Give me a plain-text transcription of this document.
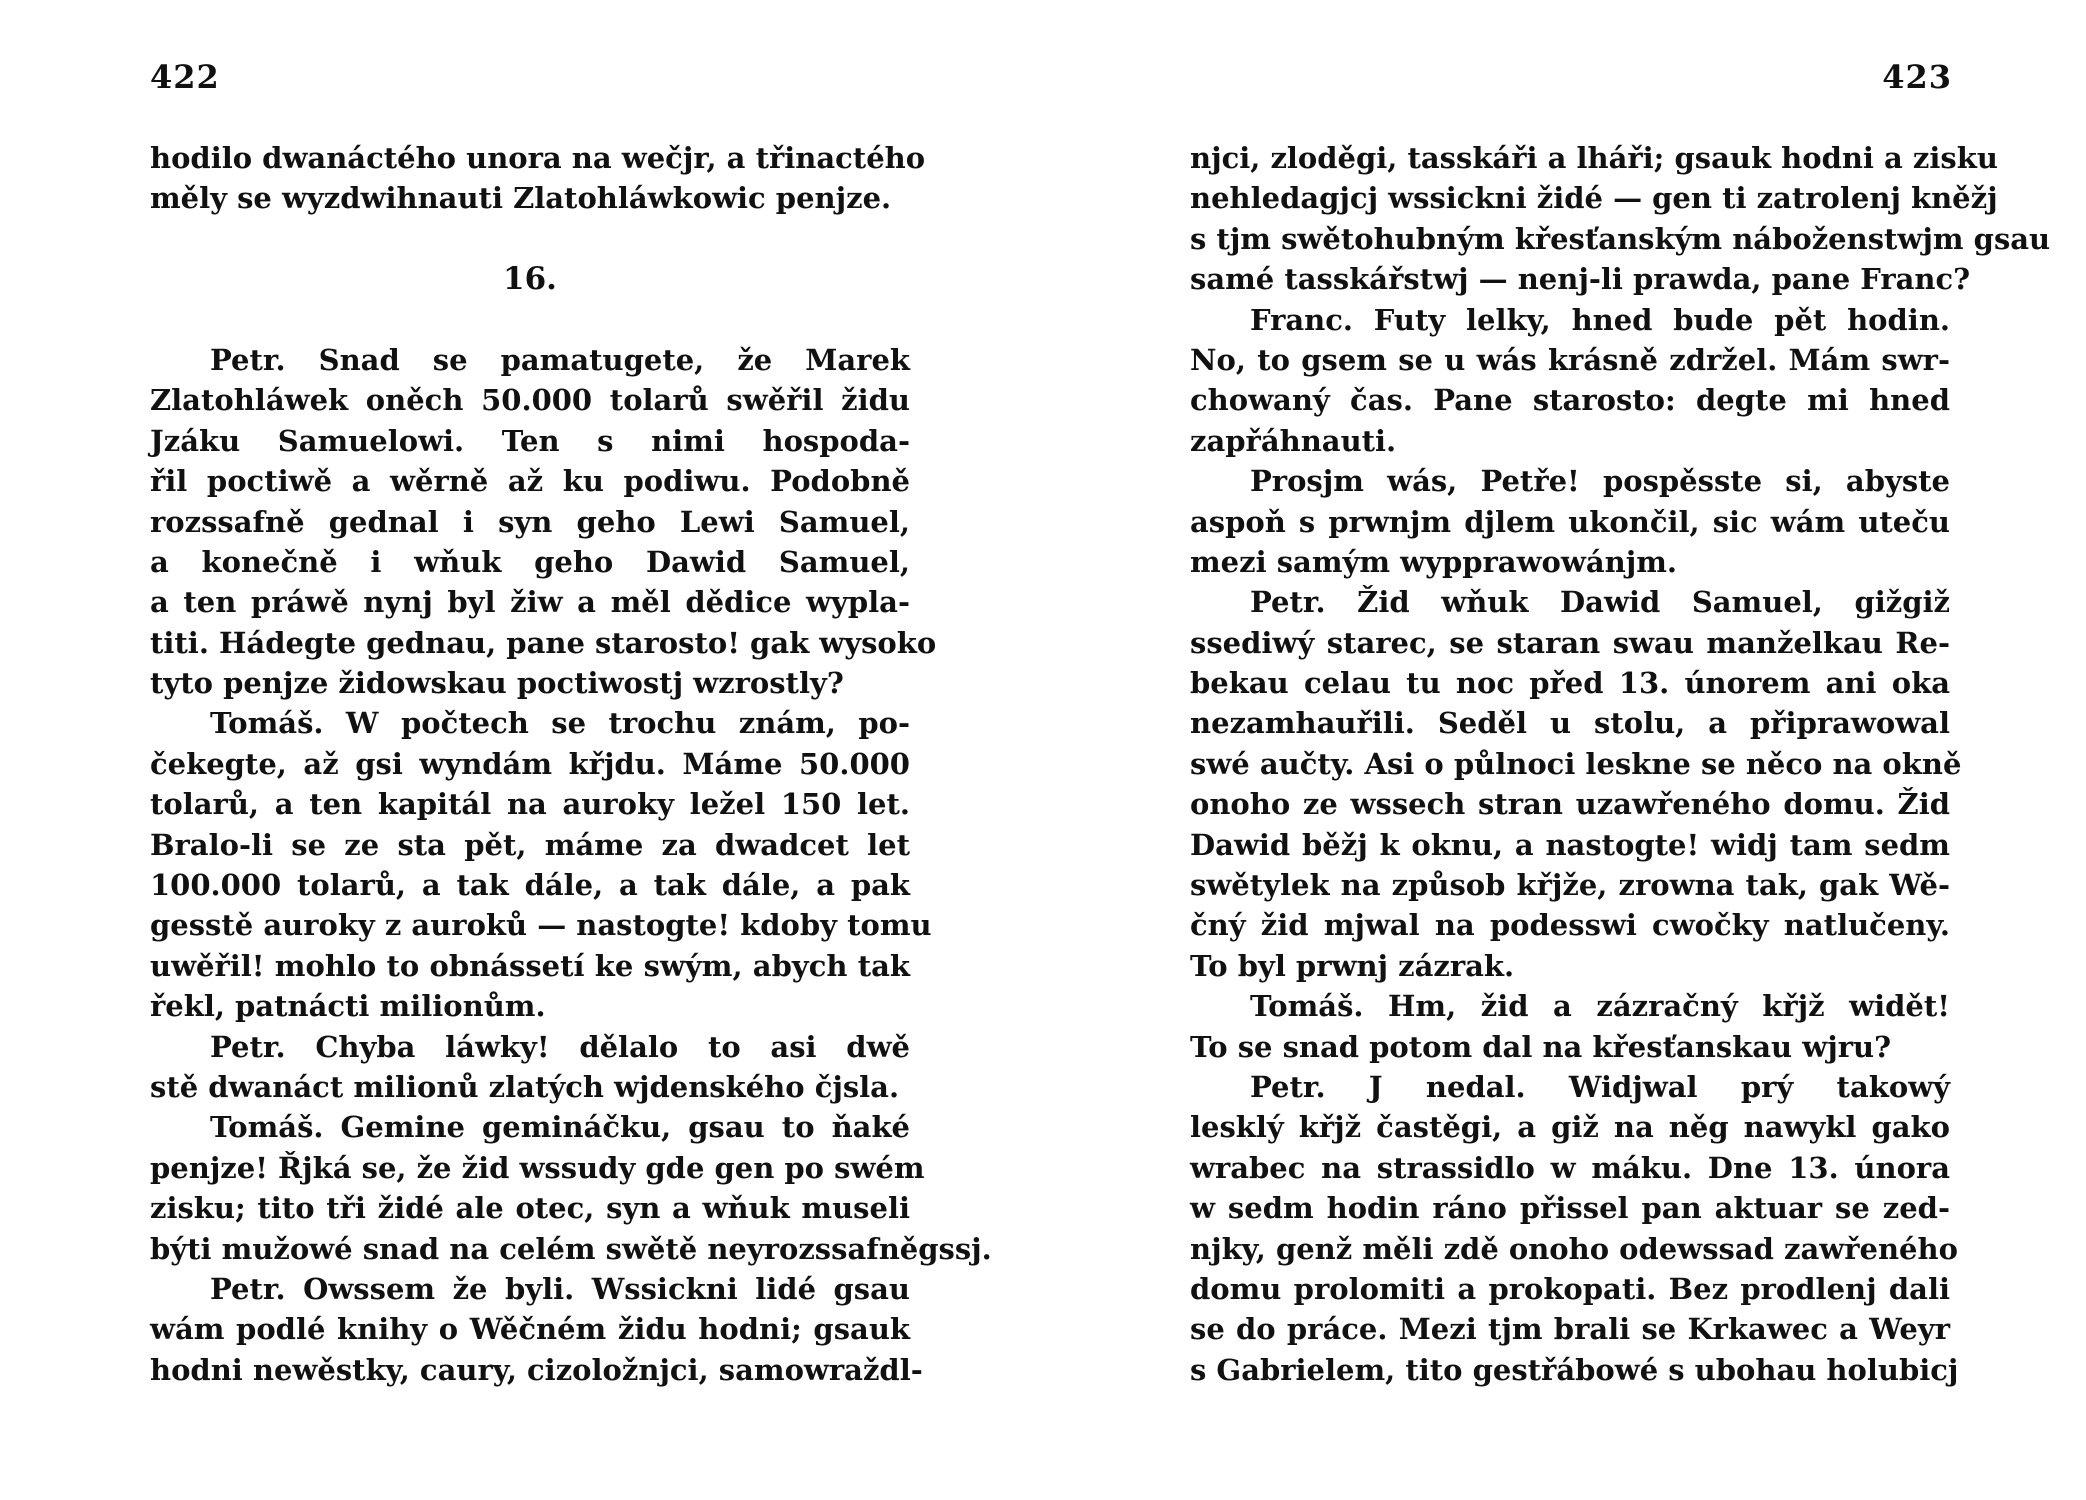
422
hodilo dwanáctého unora na wečjr, a třinactého
měly se wyzdwihnauti Zlatohláwkowic penjze.
16.
Petr. Snad se pamatugete, že Marek
Zlatohláwek oněch 50.000 tolarů swěřil židu
Jzáku Samuelowi. Ten s nimi hospoda-
řil poctiwě a wěrně až ku podiwu. Podobně
rozssafně gednal i syn geho Lewi Samuel,
a konečně i wňuk geho Dawid Samuel,
a ten práwě nynj byl žiw a měl dědice wypla-
titi. Hádegte gednau, pane starosto! gak wysoko
tyto penjze židowskau poctiwostj wzrostly?
Tomáš. W počtech se trochu znám, po-
čekegte, až gsi wyndám křjdu. Máme 50.000
tolarů, a ten kapitál na auroky ležel 150 let.
Bralo-li se ze sta pět, máme za dwadcet let
100.000 tolarů, a tak dále, a tak dále, a pak
gesstě auroky z auroků — nastogte! kdoby tomu
uwěřil! mohlo to obnássetí ke swým, abych tak
řekl, patnácti milionům.
Petr. Chyba láwky! dělalo to asi dwě
stě dwanáct milionů zlatých wjdenského čjsla.
Tomáš. Gemine gemináčku, gsau to ňaké
penjze! Řjká se, že žid wssudy gde gen po swém
zisku; tito tři židé ale otec, syn a wňuk museli
býti mužowé snad na celém swětě neyrozssafněgssj.
Petr. Owssem že byli. Wssickni lidé gsau
wám podlé knihy o Wěčném židu hodni; gsauk
hodni newěstky, caury, cizoložnjci, samowraždl-
423
njci, zloděgi, tasskáři a lháři; gsauk hodni a zisku
nehledagjcj wssickni židé — gen ti zatrolenj kněžj
s tjm swětohubným křesťanským náboženstwjm gsau
samé tasskářstwj — nenj-li prawda, pane Franc?
Franc. Futy lelky, hned bude pět hodin.
No, to gsem se u wás krásně zdržel. Mám swr-
chowaný čas. Pane starosto: degte mi hned
zapřáhnauti.
Prosjm wás, Petře! pospěsste si, abyste
aspoň s prwnjm djlem ukončil, sic wám uteču
mezi samým wypprawowánjm.
Petr. Žid wňuk Dawid Samuel, gižgiž
ssediwý starec, se staran swau manželkau Re-
bekau celau tu noc před 13. únorem ani oka
nezamhauřili. Seděl u stolu, a připrawowal
swé aučty. Asi o půlnoci leskne se něco na okně
onoho ze wssech stran uzawřeného domu. Žid
Dawid běžj k oknu, a nastogte! widj tam sedm
swětylek na způsob křjže, zrowna tak, gak Wě-
čný žid mjwal na podesswi cwočky natlučeny.
To byl prwnj zázrak.
Tomáš. Hm, žid a zázračný křjž widět!
To se snad potom dal na křesťanskau wjru?
Petr. J nedal. Widjwal prý takowý
lesklý křjž častěgi, a giž na něg nawykl gako
wrabec na strassidlo w máku. Dne 13. února
w sedm hodin ráno přissel pan aktuar se zed-
njky, genž měli zdě onoho odewssad zawřeného
domu prolomiti a prokopati. Bez prodlenj dali
se do práce. Mezi tjm brali se Krkawec a Weyr
s Gabrielem, tito gestřábowé s ubohau holubicj
